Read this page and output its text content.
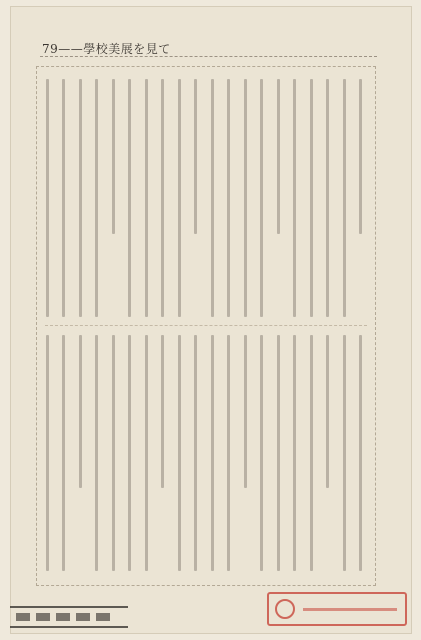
79——學校美展を見て
